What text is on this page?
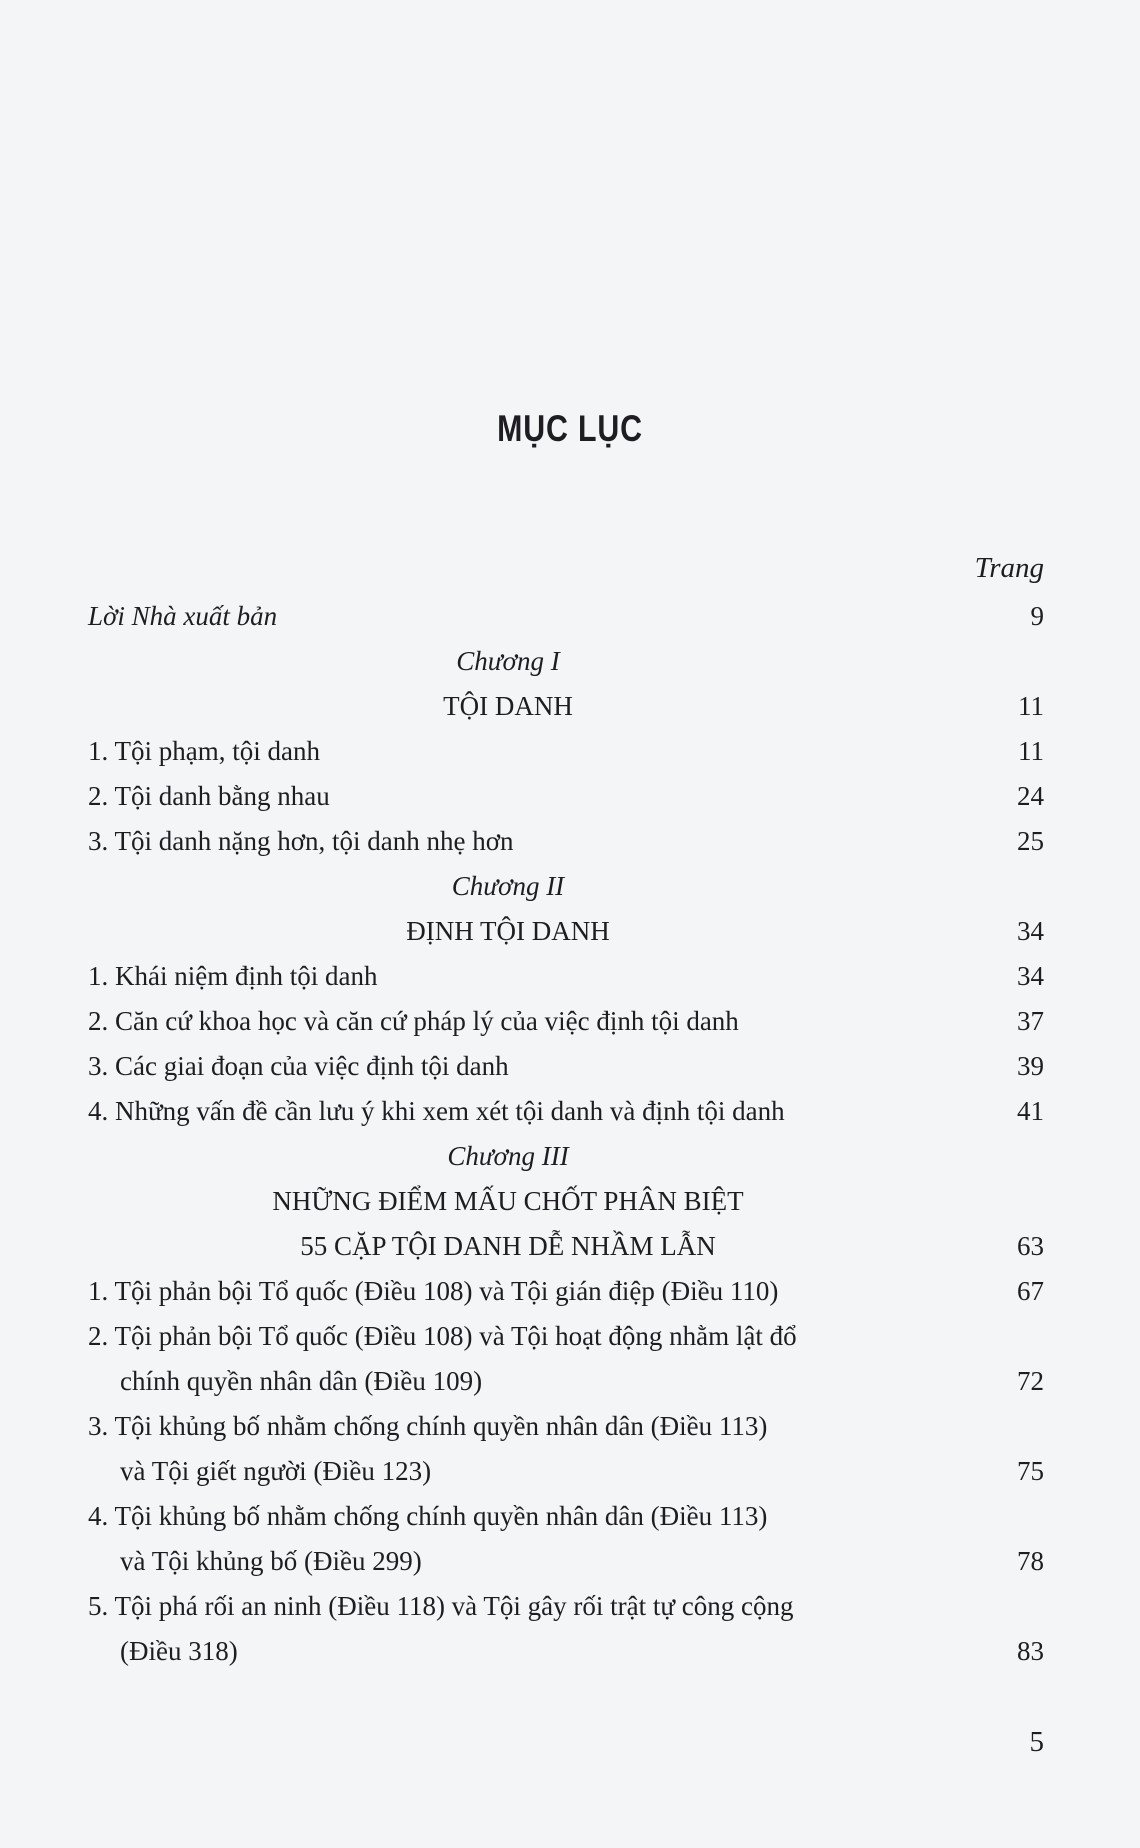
MỤC LỤC
Trang
Lời Nhà xuất bản	9
Chương I
TỘI DANH	11
1. Tội phạm, tội danh	11
2. Tội danh bằng nhau	24
3. Tội danh nặng hơn, tội danh nhẹ hơn	25
Chương II
ĐỊNH TỘI DANH	34
1. Khái niệm định tội danh	34
2. Căn cứ khoa học và căn cứ pháp lý của việc định tội danh	37
3. Các giai đoạn của việc định tội danh	39
4. Những vấn đề cần lưu ý khi xem xét tội danh và định tội danh	41
Chương III
NHỮNG ĐIỂM MẤU CHỐT PHÂN BIỆT
55 CẶP TỘI DANH DỄ NHẦM LẪN	63
1. Tội phản bội Tổ quốc (Điều 108) và Tội gián điệp (Điều 110)	67
2. Tội phản bội Tổ quốc (Điều 108) và Tội hoạt động nhằm lật đổ
chính quyền nhân dân (Điều 109)	72
3. Tội khủng bố nhằm chống chính quyền nhân dân (Điều 113)
và Tội giết người (Điều 123)	75
4. Tội khủng bố nhằm chống chính quyền nhân dân (Điều 113)
và Tội khủng bố (Điều 299)	78
5. Tội phá rối an ninh (Điều 118) và Tội gây rối trật tự công cộng
(Điều 318)	83
5
